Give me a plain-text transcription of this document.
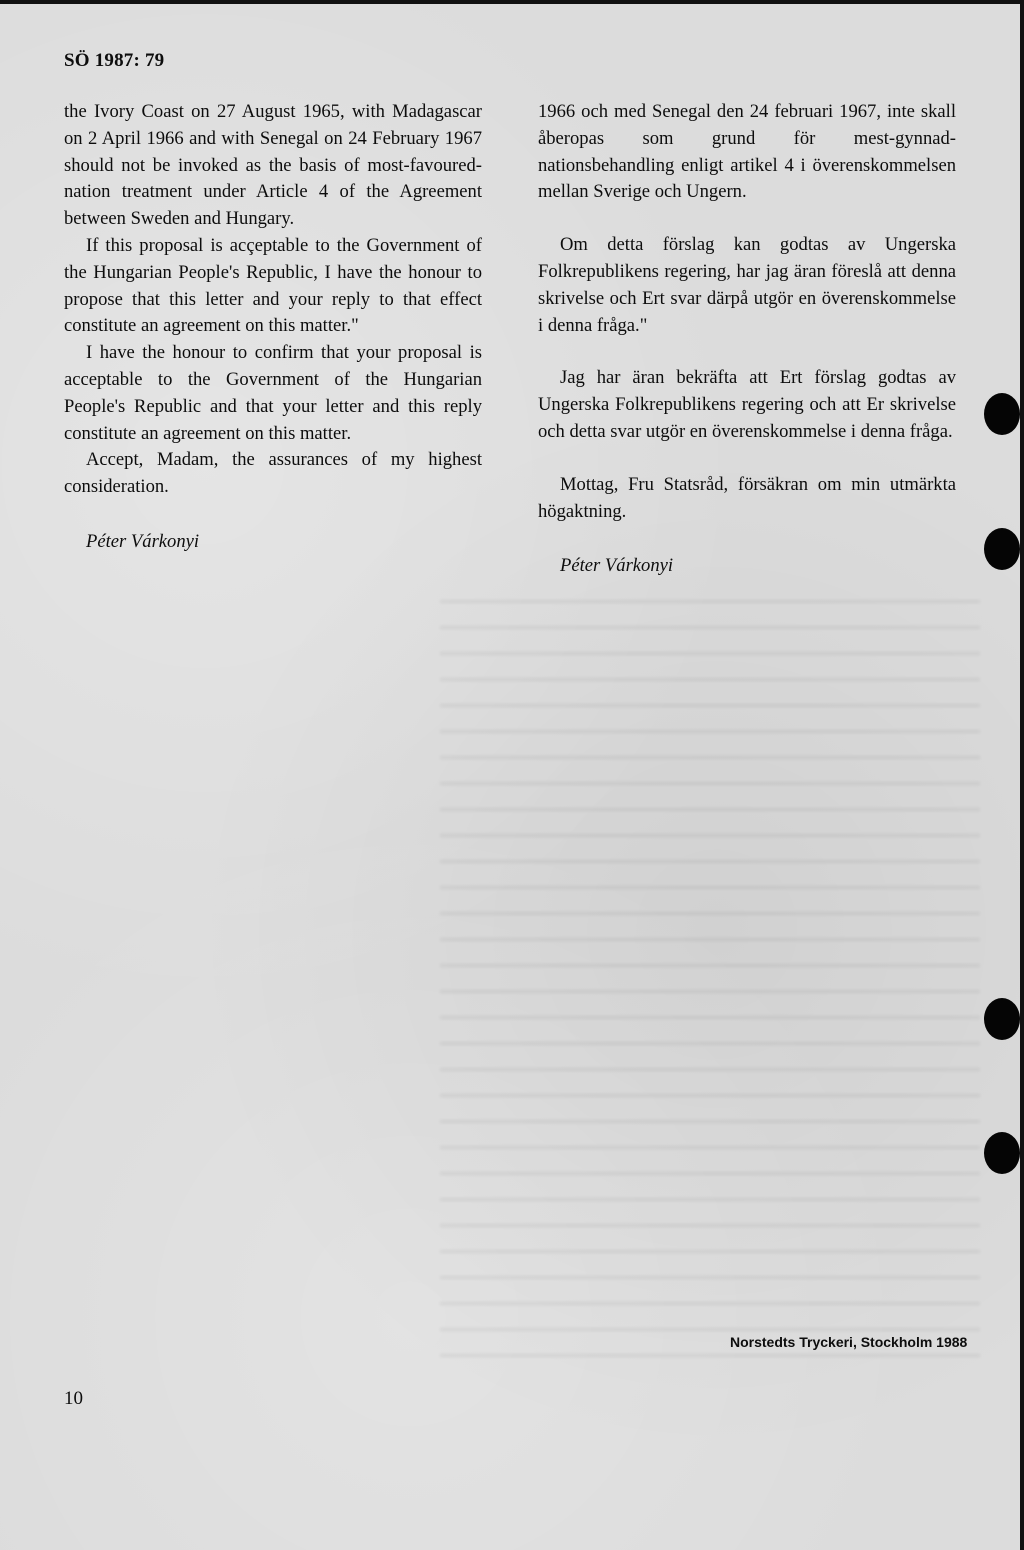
SÖ 1987: 79

the Ivory Coast on 27 August 1965, with Madagascar on 2 April 1966 and with Senegal on 24 February 1967 should not be invoked as the basis of most-favoured-nation treatment under Article 4 of the Agreement between Sweden and Hungary.

If this proposal is acçeptable to the Government of the Hungarian People's Republic, I have the honour to propose that this letter and your reply to that effect constitute an agreement on this matter."

I have the honour to confirm that your proposal is acceptable to the Government of the Hungarian People's Republic and that your letter and this reply constitute an agreement on this matter.

Accept, Madam, the assurances of my highest consideration.

Péter Várkonyi

1966 och med Senegal den 24 februari 1967, inte skall åberopas som grund för mest-gynnad-nationsbehandling enligt artikel 4 i överenskommelsen mellan Sverige och Ungern.

Om detta förslag kan godtas av Ungerska Folkrepublikens regering, har jag äran föreslå att denna skrivelse och Ert svar därpå utgör en överenskommelse i denna fråga."

Jag har äran bekräfta att Ert förslag godtas av Ungerska Folkrepublikens regering och att Er skrivelse och detta svar utgör en överenskommelse i denna fråga.

Mottag, Fru Statsråd, försäkran om min utmärkta högaktning.

Péter Várkonyi

Norstedts Tryckeri, Stockholm 1988
10
